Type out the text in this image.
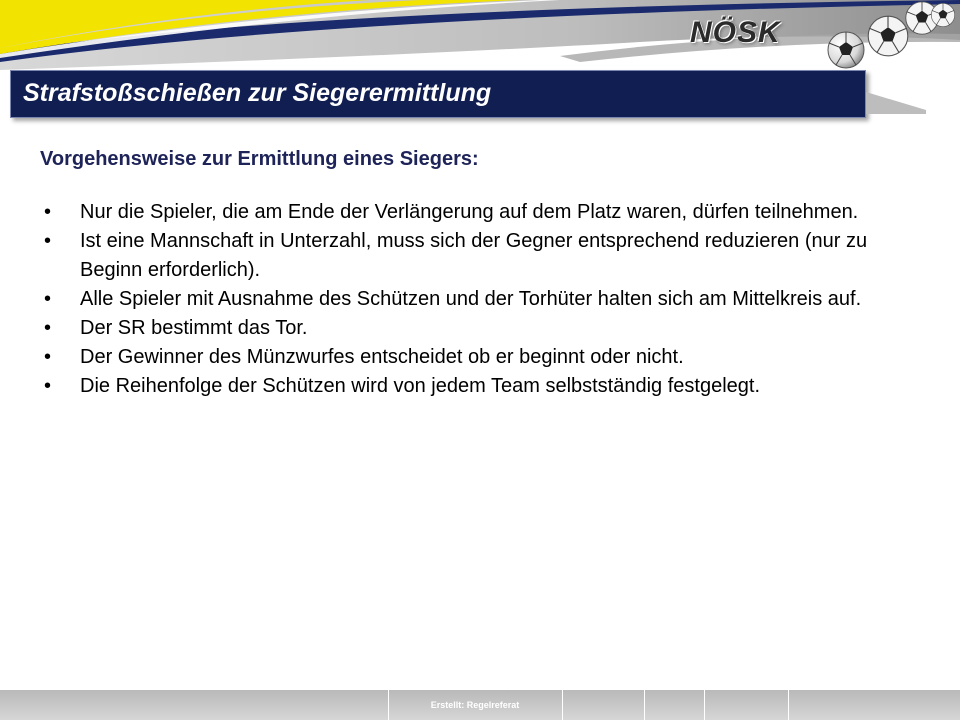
NÖSK
Strafstoßschießen zur Siegerermittlung
Vorgehensweise zur Ermittlung eines Siegers:
• Nur die Spieler, die am Ende der Verlängerung auf dem Platz waren, dürfen teilnehmen.
• Ist eine Mannschaft in Unterzahl, muss sich der Gegner entsprechend reduzieren (nur zu Beginn erforderlich).
• Alle Spieler mit Ausnahme des Schützen und der Torhüter halten sich am Mittelkreis auf.
• Der SR bestimmt das Tor.
• Der Gewinner des Münzwurfes entscheidet ob er beginnt oder nicht.
• Die Reihenfolge der Schützen wird von jedem Team selbstständig festgelegt.
Erstellt: Regelreferat
